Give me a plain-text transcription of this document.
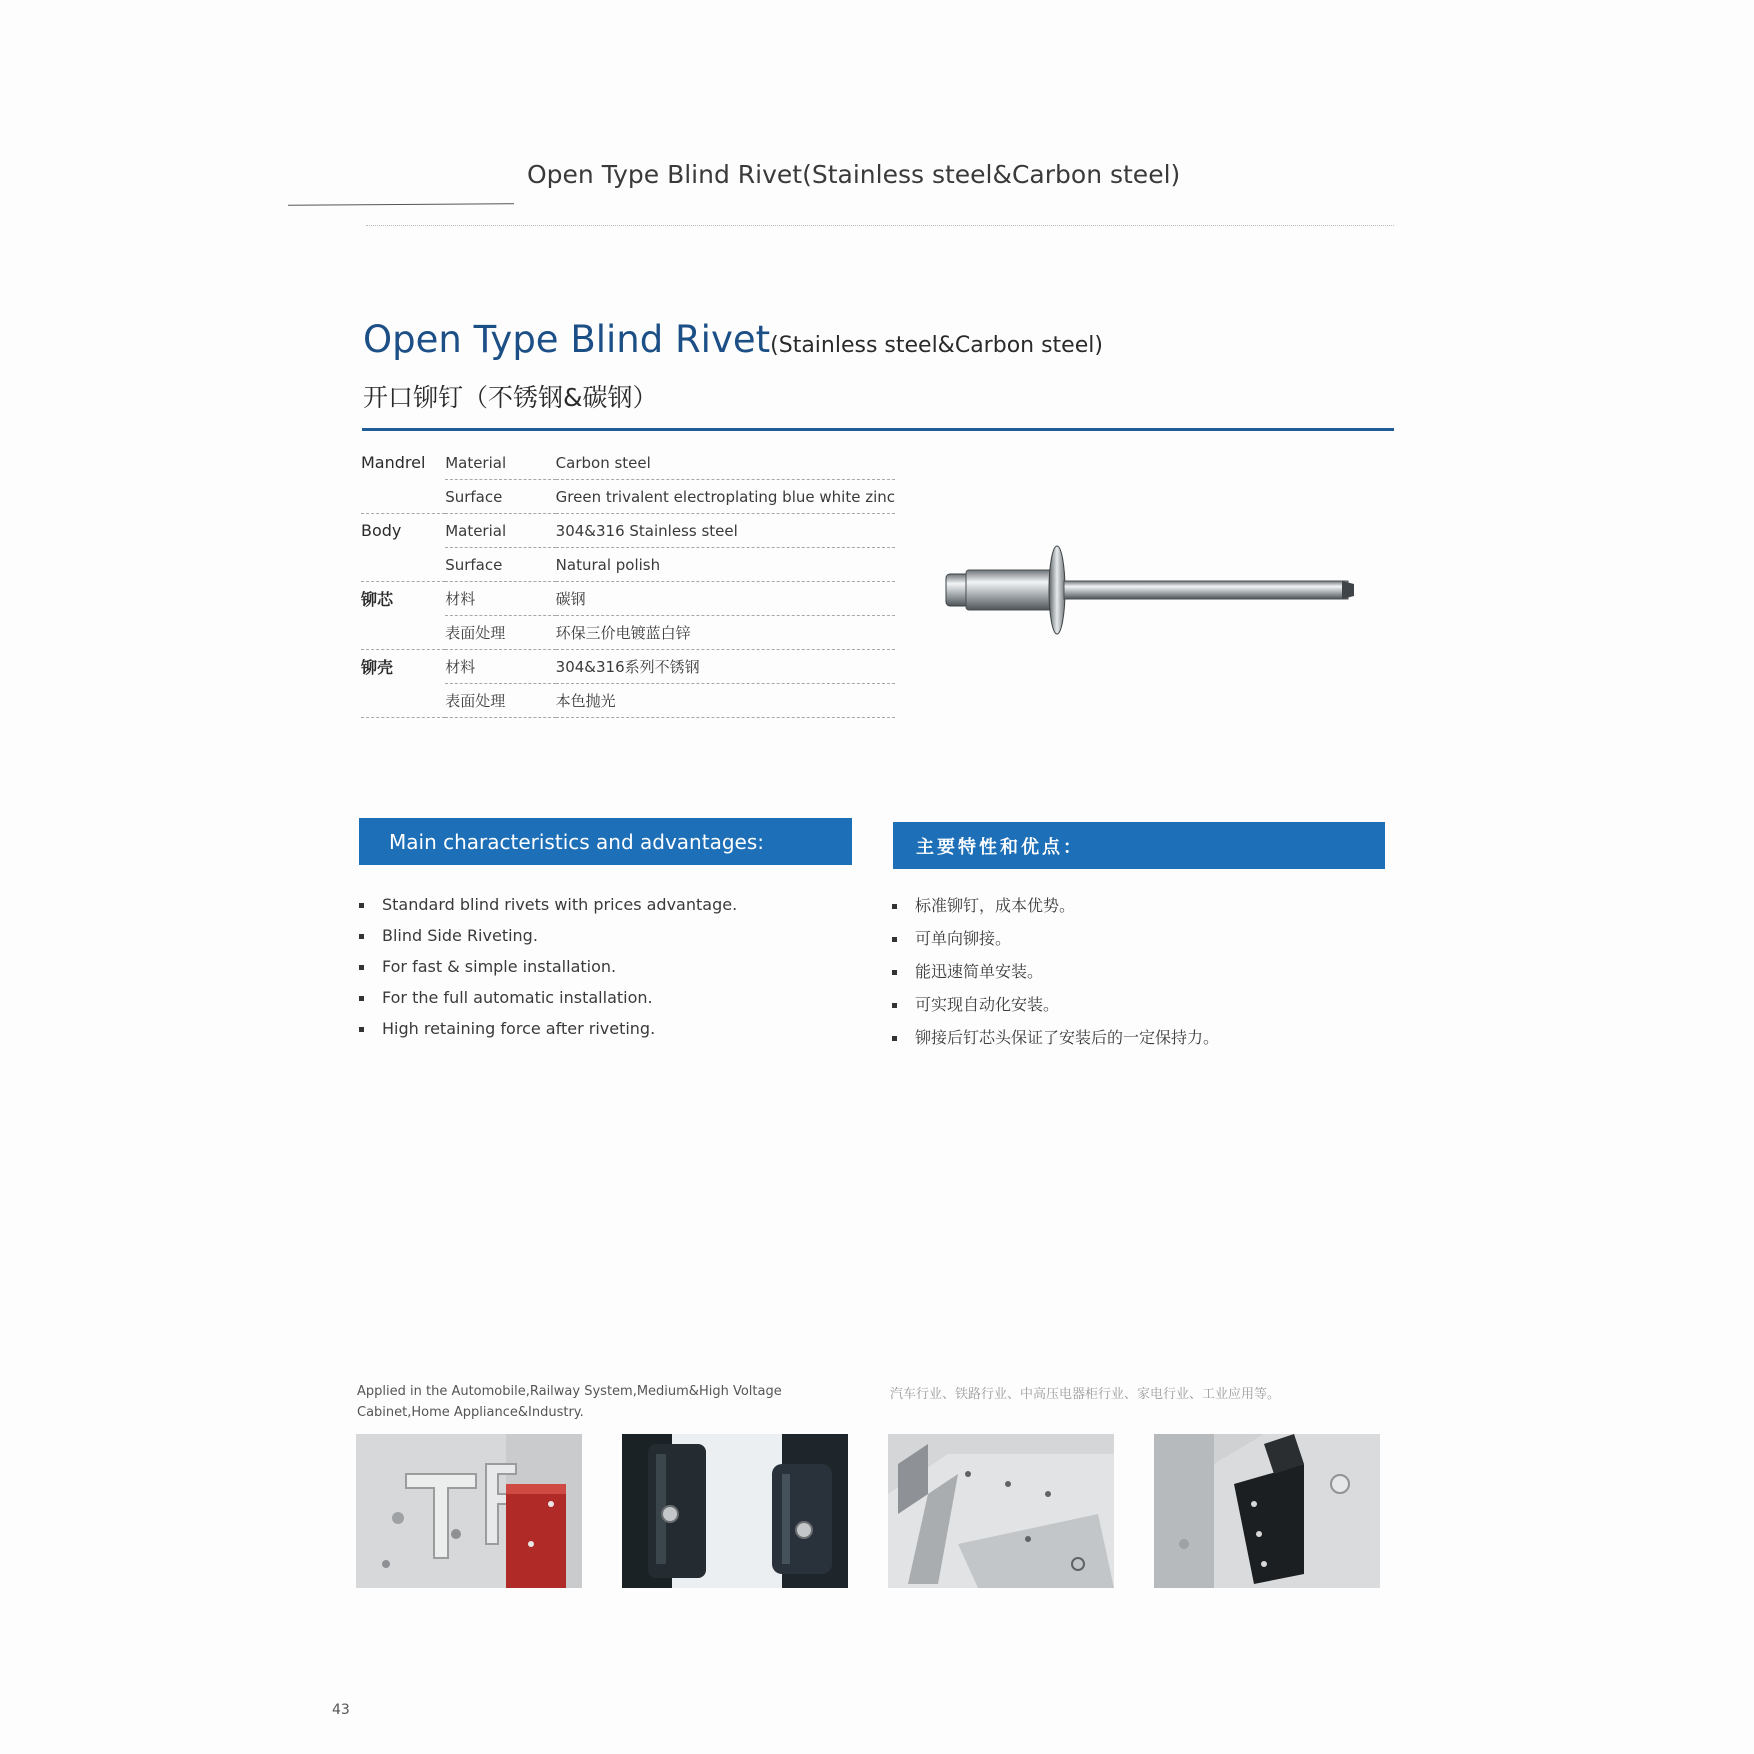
Open Type Blind Rivet(Stainless steel&Carbon steel)
Open Type Blind Rivet(Stainless steel&Carbon steel)
开口铆钉（不锈钢&碳钢）
Mandrel	Material	Carbon steel
	Surface	Green trivalent electroplating blue white zinc
Body	Material	304&316 Stainless steel
	Surface	Natural polish
铆芯	材料	碳钢
	表面处理	环保三价电镀蓝白锌
铆壳	材料	304&316系列不锈钢
	表面处理	本色抛光
Main characteristics and advantages:	主要特性和优点：
Standard blind rivets with prices advantage.
Blind Side Riveting.
For fast & simple installation.
For the full automatic installation.
High retaining force after riveting.
标准铆钉，成本优势。
可单向铆接。
能迅速简单安装。
可实现自动化安装。
铆接后钉芯头保证了安装后的一定保持力。
Applied in the Automobile,Railway System,Medium&High Voltage Cabinet,Home Appliance&Industry.
汽车行业、铁路行业、中高压电器柜行业、家电行业、工业应用等。
43
